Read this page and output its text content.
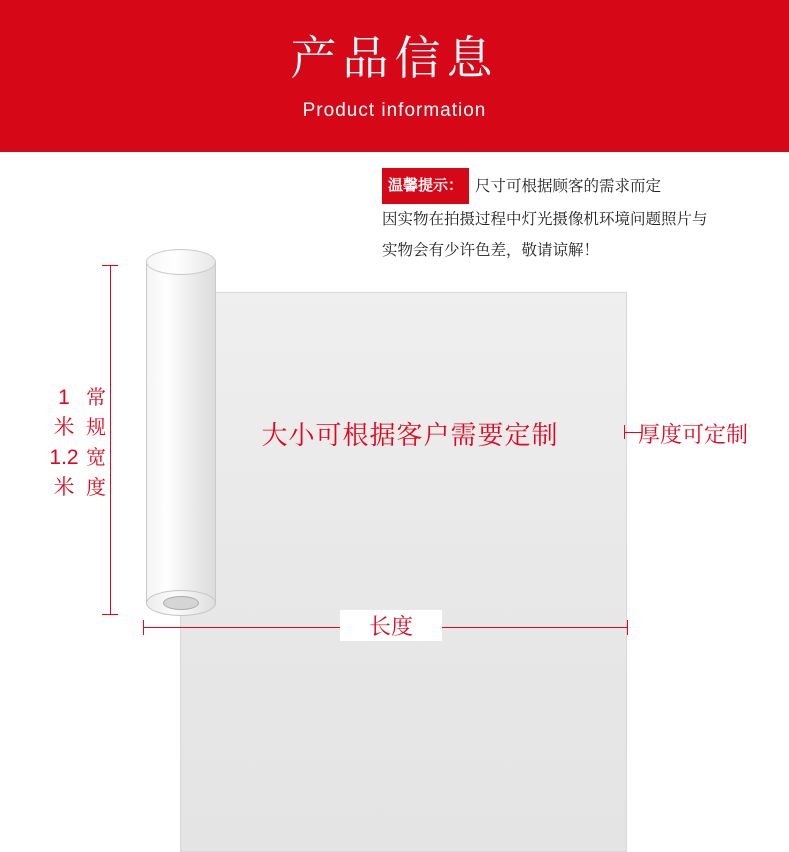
产品信息
Product information
温馨提示： 尺寸可根据顾客的需求而定
因实物在拍摄过程中灯光摄像机环境问题照片与
实物会有少许色差，敬请谅解！
大小可根据客户需要定制	厚度可定制
1
米
1.2
米
常
规
宽
度
长度
